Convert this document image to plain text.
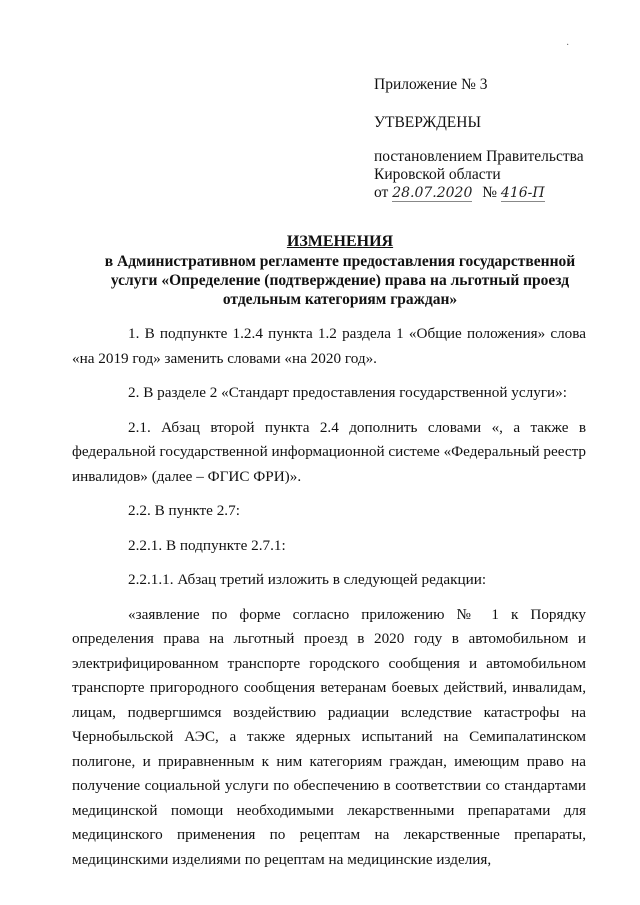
·
Приложение № 3
УТВЕРЖДЕНЫ
постановлением Правительства
Кировской области
от 28.07.2020 № 416-П
ИЗМЕНЕНИЯ
в Административном регламенте предоставления государственной
услуги «Определение (подтверждение) права на льготный проезд
отдельным категориям граждан»

1. В подпункте 1.2.4 пункта 1.2 раздела 1 «Общие положения» слова «на 2019 год» заменить словами «на 2020 год».

2. В разделе 2 «Стандарт предоставления государственной услуги»:

2.1. Абзац второй пункта 2.4 дополнить словами «, а также в федеральной государственной информационной системе «Федеральный реестр инвалидов» (далее – ФГИС ФРИ)».

2.2. В пункте 2.7:

2.2.1. В подпункте 2.7.1:

2.2.1.1. Абзац третий изложить в следующей редакции:

«заявление по форме согласно приложению № 1 к Порядку определения права на льготный проезд в 2020 году в автомобильном и электрифицированном транспорте городского сообщения и автомобильном транспорте пригородного сообщения ветеранам боевых действий, инвалидам, лицам, подвергшимся воздействию радиации вследствие катастрофы на Чернобыльской АЭС, а также ядерных испытаний на Семипалатинском полигоне, и приравненным к ним категориям граждан, имеющим право на получение социальной услуги по обеспечению в соответствии со стандартами медицинской помощи необходимыми лекарственными препаратами для медицинского применения по рецептам на лекарственные препараты, медицинскими изделиями по рецептам на медицинские изделия,
